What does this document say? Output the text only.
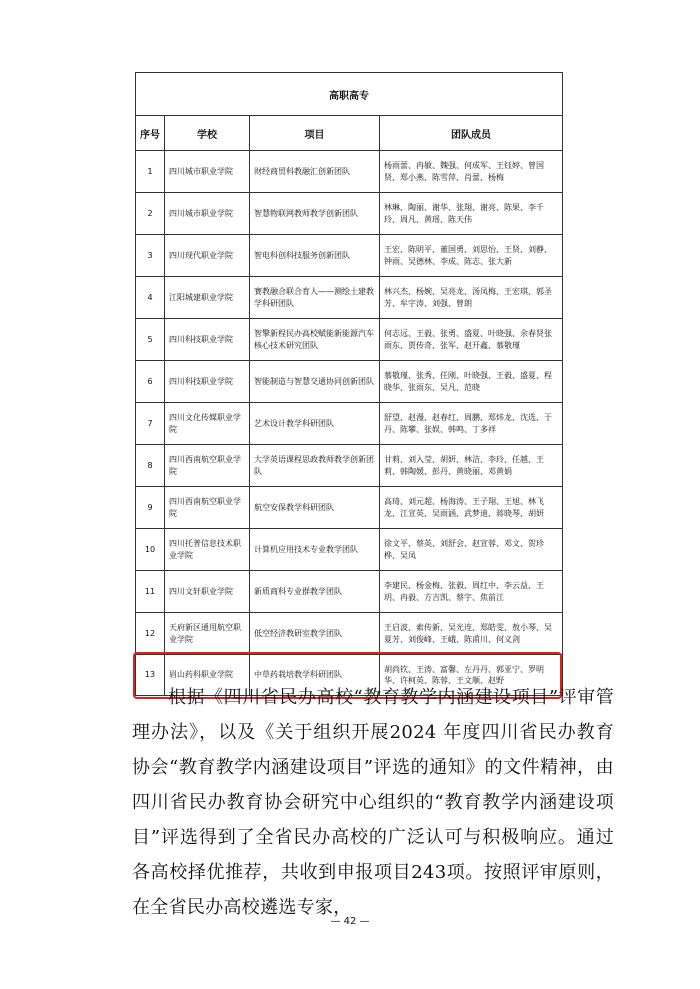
高职高专			
序号	学校	项目	团队成员
1	四川城市职业学院	财经商贸科教融汇创新团队	杨雨蕾、冉敏、魏强、何成军、王钰婷、曾国贤、郑小燕、陈雪萍、肖蕾、杨梅
2	四川城市职业学院	智慧物联网教师教学创新团队	林琳、陶丽、谢华、张翔、谢亮、陈果、李千玲、周凡、黄瑶、陈天伟
3	四川现代职业学院	智电科创科技服务创新团队	王宏、陈明平、董国勇、刘思怡、王贤、刘静、钟雨、吴德林、李成、陈志、张大新
4	江阳城建职业学院	赛教融合联合育人——测绘土建教学科研团队	林兴杰、杨婉、吴亮龙、汤凤梅、王宏琪、郭圣芳、牟宇涛、刘强、曾朗
5	四川科技职业学院	智擎新程民办高校赋能新能源汽车核心技术研究团队	何志远、王毅、张勇、盛夏、叶晓强、余春贤张雨东、贾传奇、张军、赵开鑫、慕敬瑾
6	四川科技职业学院	智能制造与智慧交通协同创新团队	慕敬瑾、张秀、任刚、叶晓强、王毅、盛夏、程晓华、张雨东、吴凡、范晓
7	四川文化传媒职业学院	艺术设计教学科研团队	舒望、赵漫、赵春红、周鹏、郑炜龙、沈选、于丹、陈攀、张娱、韩鸣、丁多祥
8	四川西南航空职业学院	大学英语课程思政教师教学创新团队	甘莉、刘入莹、胡妍、林洁、李玲、任越、王莉、韩陶媛、彭丹、黄晓丽、邓黄娟
9	四川西南航空职业学院	航空安保教学科研团队	高琦、刘元超、杨海涛、王子翔、王旭、林飞龙、江宣英、吴雨涵、武梦迪、蒋晓琴、胡妍
10	四川托普信息技术职业学院	计算机应用技术专业教学团队	徐文平、蔡英、刘舒会、赵宣蓉、邓文、贺珍桦、吴凤
11	四川文轩职业学院	新质商科专业群教学团队	李建民、杨金梅、张毅、周红中、李云益、王玥、冉毅、方吉凯、蔡宇、焦前江
12	天府新区通用航空职业学院	低空经济教研室教学团队	王启波、索传新、吴光连、郑皓雯、敖小琴、吴夏芳、刘俊峰、王峨、陈甫川、何义剑
13	眉山药科职业学院	中草药栽培教学科研团队	胡尚钦、王涛、富馨、左丹丹、郭亚宁、罗明华、许柯英、陈蓉、王文顺、赵野

根据《四川省民办高校“教育教学内涵建设项目”评审管理办法》，以及《关于组织开展2024 年度四川省民办教育协会“教育教学内涵建设项目”评选的通知》的文件精神，由四川省民办教育协会研究中心组织的“教育教学内涵建设项目”评选得到了全省民办高校的广泛认可与积极响应。通过各高校择优推荐，共收到申报项目243项。按照评审原则，在全省民办高校遴选专家，

— 42 —
